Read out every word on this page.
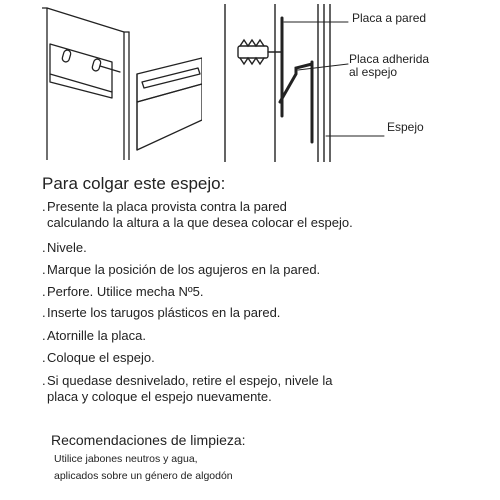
Placa a pared
Placa adherida
al espejo
Espejo
Para colgar este espejo:
.Presente la placa provista contra la pared
calculando la altura a la que desea colocar el espejo.
.Nivele.
.Marque la posición de los agujeros en la pared.
.Perfore. Utilice mecha Nº5.
.Inserte los tarugos plásticos en la pared.
.Atornille la placa.
.Coloque el espejo.
.Si quedase desnivelado, retire el espejo, nivele la
placa y coloque el espejo nuevamente.
Recomendaciones de limpieza:
Utilice jabones neutros y agua,
aplicados sobre un género de algodón
